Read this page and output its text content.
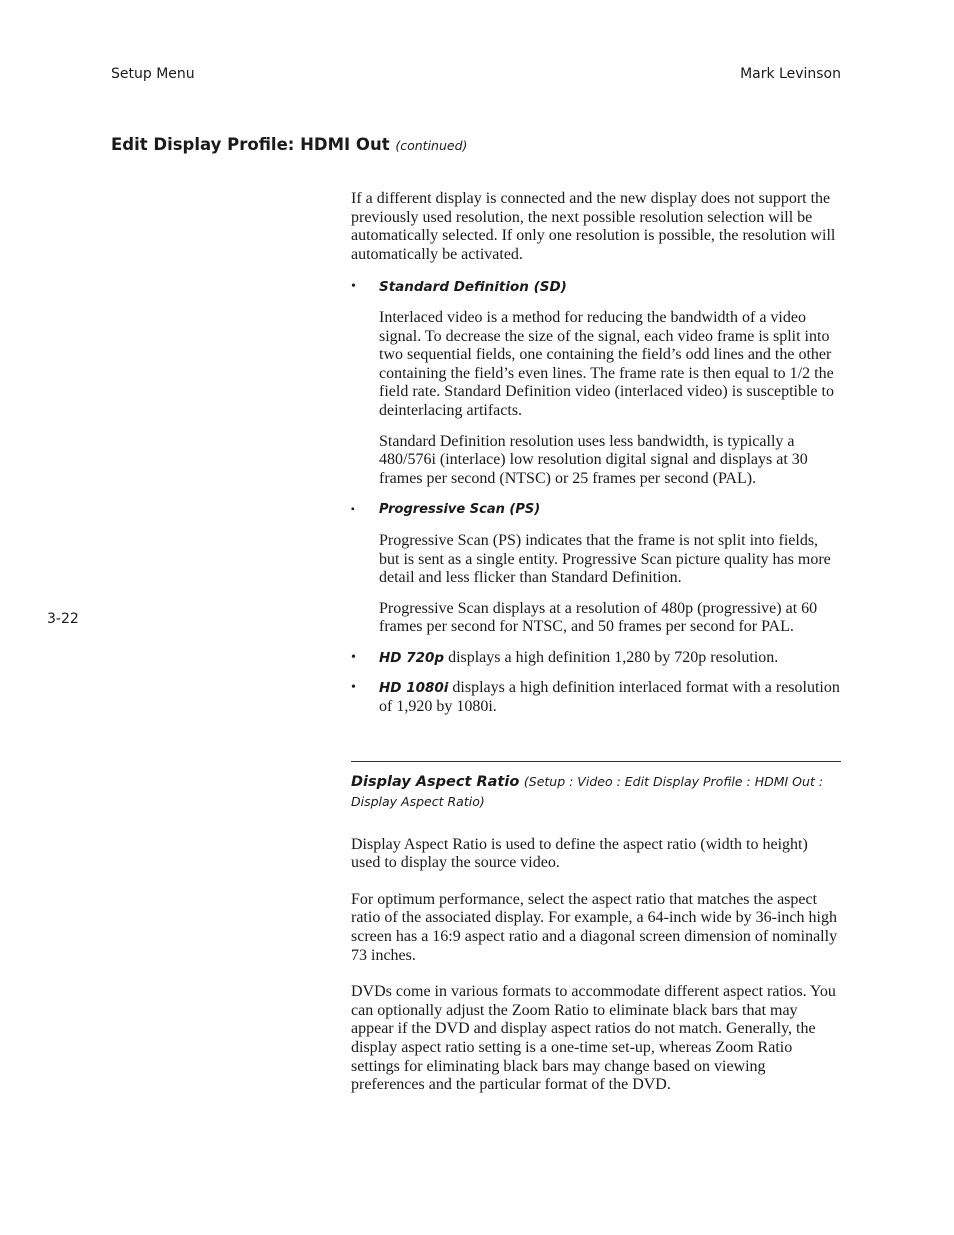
Setup Menu	Mark Levinson
Edit Display Profile: HDMI Out (continued)
3-22

If a different display is connected and the new display does not support the previously used resolution, the next possible resolution selection will be automatically selected. If only one resolution is possible, the resolution will automatically be activated.

•	Standard Definition (SD)

Interlaced video is a method for reducing the bandwidth of a video signal. To decrease the size of the signal, each video frame is split into two sequential fields, one containing the field’s odd lines and the other containing the field’s even lines. The frame rate is then equal to 1/2 the field rate. Standard Definition video (interlaced video) is susceptible to deinterlacing artifacts.

Standard Definition resolution uses less bandwidth, is typically a 480/576i (interlace) low resolution digital signal and displays at 30 frames per second (NTSC) or 25 frames per second (PAL).

▪	Progressive Scan (PS)

Progressive Scan (PS) indicates that the frame is not split into fields, but is sent as a single entity. Progressive Scan picture quality has more detail and less flicker than Standard Definition.

Progressive Scan displays at a resolution of 480p (progressive) at 60 frames per second for NTSC, and 50 frames per second for PAL.

•	HD 720p displays a high definition 1,280 by 720p resolution.

•	HD 1080i displays a high definition interlaced format with a resolution of 1,920 by 1080i.

Display Aspect Ratio (Setup : Video : Edit Display Profile : HDMI Out : Display Aspect Ratio)

Display Aspect Ratio is used to define the aspect ratio (width to height) used to display the source video.

For optimum performance, select the aspect ratio that matches the aspect ratio of the associated display. For example, a 64-inch wide by 36-inch high screen has a 16:9 aspect ratio and a diagonal screen dimension of nominally 73 inches.

DVDs come in various formats to accommodate different aspect ratios. You can optionally adjust the Zoom Ratio to eliminate black bars that may appear if the DVD and display aspect ratios do not match. Generally, the display aspect ratio setting is a one-time set-up, whereas Zoom Ratio settings for eliminating black bars may change based on viewing preferences and the particular format of the DVD.
